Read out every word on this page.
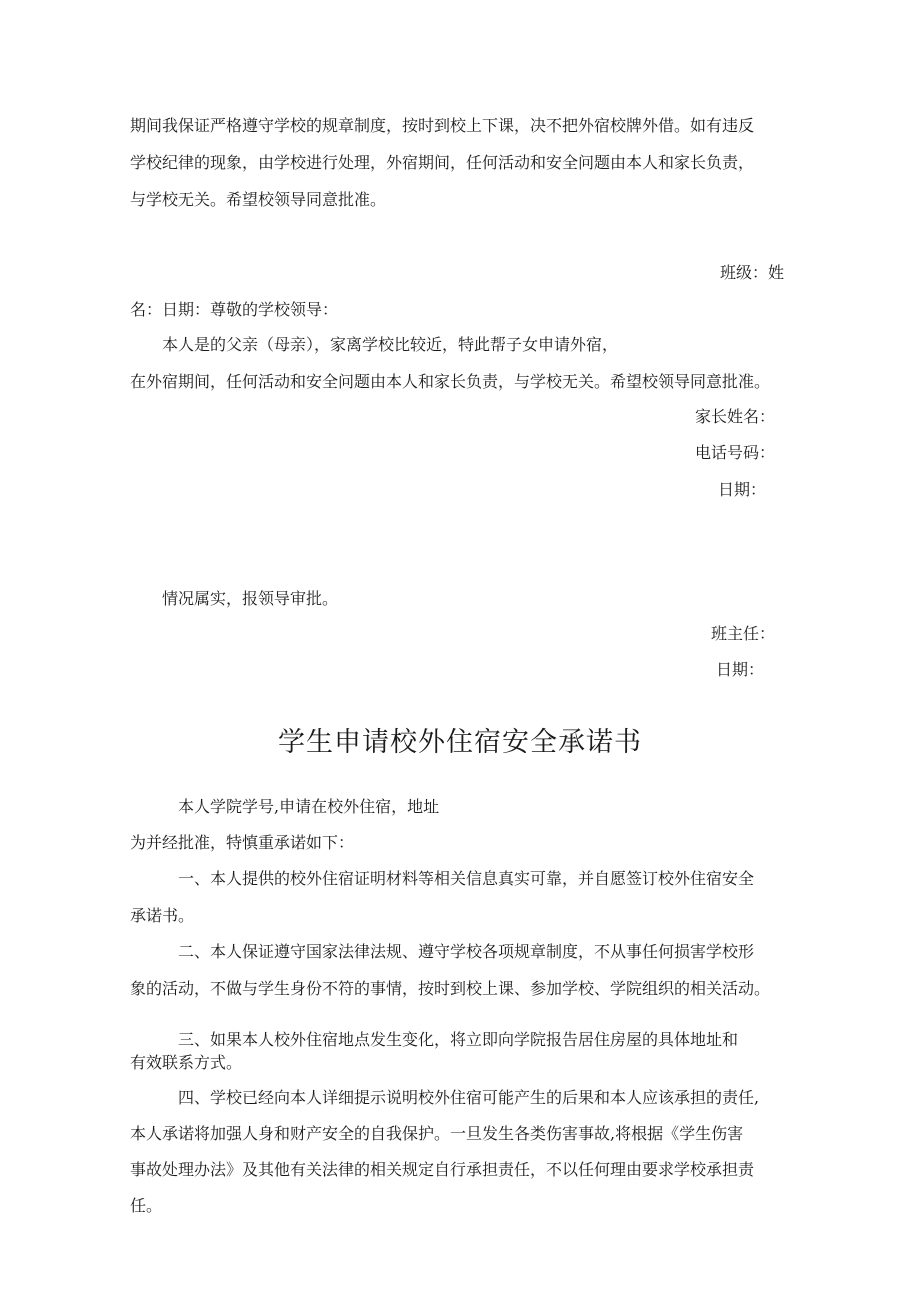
期间我保证严格遵守学校的规章制度，按时到校上下课，决不把外宿校牌外借。如有违反
学校纪律的现象，由学校进行处理，外宿期间，任何活动和安全问题由本人和家长负责，
与学校无关。希望校领导同意批准。
班级：姓
名：日期：尊敬的学校领导：
本人是的父亲（母亲），家离学校比较近，特此帮子女申请外宿，
在外宿期间，任何活动和安全问题由本人和家长负责，与学校无关。希望校领导同意批准。
家长姓名：
电话号码：
日期：
情况属实，报领导审批。
班主任：
日期：
学生申请校外住宿安全承诺书
本人学院学号,申请在校外住宿，地址
为并经批准，特慎重承诺如下：
一、本人提供的校外住宿证明材料等相关信息真实可靠，并自愿签订校外住宿安全
承诺书。
二、本人保证遵守国家法律法规、遵守学校各项规章制度，不从事任何损害学校形
象的活动，不做与学生身份不符的事情，按时到校上课、参加学校、学院组织的相关活动。
三、如果本人校外住宿地点发生变化，将立即向学院报告居住房屋的具体地址和
有效联系方式。
四、学校已经向本人详细提示说明校外住宿可能产生的后果和本人应该承担的责任,
本人承诺将加强人身和财产安全的自我保护。一旦发生各类伤害事故,将根据《学生伤害
事故处理办法》及其他有关法律的相关规定自行承担责任，不以任何理由要求学校承担责
任。
